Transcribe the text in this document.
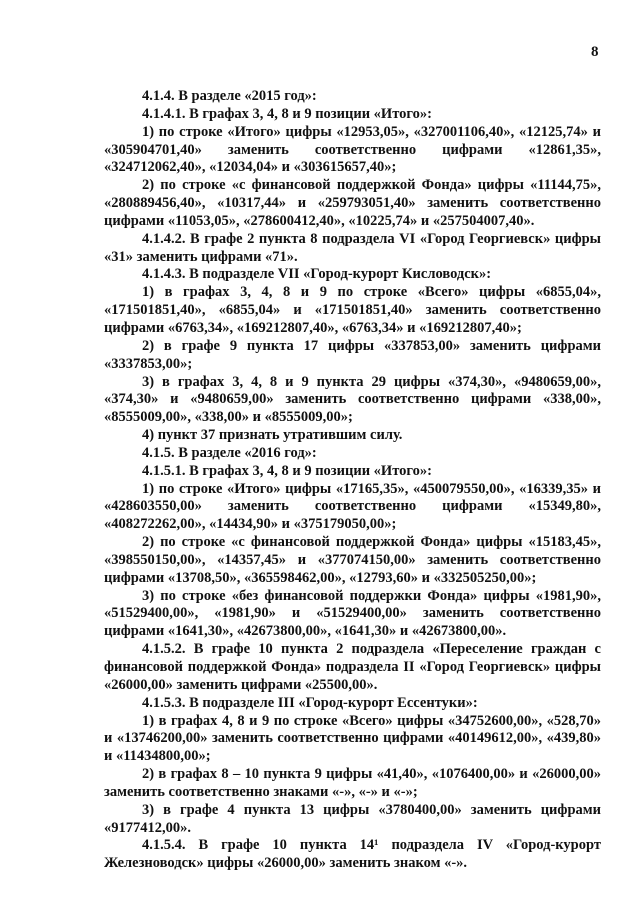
8

4.1.4. В разделе «2015 год»:

4.1.4.1. В графах 3, 4, 8 и 9 позиции «Итого»:

1) по строке «Итого» цифры «12953,05», «327001106,40», «12125,74» и «305904701,40» заменить соответственно цифрами «12861,35», «324712062,40», «12034,04» и «303615657,40»;

2) по строке «с финансовой поддержкой Фонда» цифры «11144,75», «280889456,40», «10317,44» и «259793051,40» заменить соответственно цифрами «11053,05», «278600412,40», «10225,74» и «257504007,40».

4.1.4.2. В графе 2 пункта 8 подраздела VI «Город Георгиевск» цифры «31» заменить цифрами «71».

4.1.4.3. В подразделе VII «Город-курорт Кисловодск»:

1) в графах 3, 4, 8 и 9 по строке «Всего» цифры «6855,04», «171501851,40», «6855,04» и «171501851,40» заменить соответственно цифрами «6763,34», «169212807,40», «6763,34» и «169212807,40»;

2) в графе 9 пункта 17 цифры «337853,00» заменить цифрами «3337853,00»;

3) в графах 3, 4, 8 и 9 пункта 29 цифры «374,30», «9480659,00», «374,30» и «9480659,00» заменить соответственно цифрами «338,00», «8555009,00», «338,00» и «8555009,00»;

4) пункт 37 признать утратившим силу.

4.1.5. В разделе «2016 год»:

4.1.5.1. В графах 3, 4, 8 и 9 позиции «Итого»:

1) по строке «Итого» цифры «17165,35», «450079550,00», «16339,35» и «428603550,00» заменить соответственно цифрами «15349,80», «408272262,00», «14434,90» и «375179050,00»;

2) по строке «с финансовой поддержкой Фонда» цифры «15183,45», «398550150,00», «14357,45» и «377074150,00» заменить соответственно цифрами «13708,50», «365598462,00», «12793,60» и «332505250,00»;

3) по строке «без финансовой поддержки Фонда» цифры «1981,90», «51529400,00», «1981,90» и «51529400,00» заменить соответственно цифрами «1641,30», «42673800,00», «1641,30» и «42673800,00».

4.1.5.2. В графе 10 пункта 2 подраздела «Переселение граждан с финансовой поддержкой Фонда» подраздела II «Город Георгиевск» цифры «26000,00» заменить цифрами «25500,00».

4.1.5.3. В подразделе III «Город-курорт Ессентуки»:

1) в графах 4, 8 и 9 по строке «Всего» цифры «34752600,00», «528,70» и «13746200,00» заменить соответственно цифрами «40149612,00», «439,80» и «11434800,00»;

2) в графах 8 – 10 пункта 9 цифры «41,40», «1076400,00» и «26000,00» заменить соответственно знаками «-», «-» и «-»;

3) в графе 4 пункта 13 цифры «3780400,00» заменить цифрами «9177412,00».

4.1.5.4. В графе 10 пункта 14¹ подраздела IV «Город-курорт Железноводск» цифры «26000,00» заменить знаком «-».
